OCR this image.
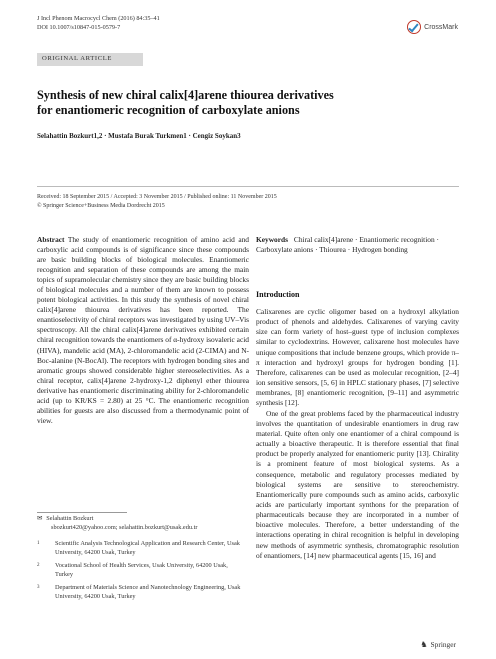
J Incl Phenom Macrocycl Chem (2016) 84:35–41
DOI 10.1007/s10847-015-0579-7	CrossMark
ORIGINAL ARTICLE
Synthesis of new chiral calix[4]arene thiourea derivatives
for enantiomeric recognition of carboxylate anions
Selahattin Bozkurt1,2 · Mustafa Burak Turkmen1 · Cengiz Soykan3
Received: 18 September 2015 / Accepted: 3 November 2015 / Published online: 11 November 2015
© Springer Science+Business Media Dordrecht 2015
Abstract The study of enantiomeric recognition of amino acid and carboxylic acid compounds is of significance since these compounds are basic building blocks of biological molecules. Enantiomeric recognition and separation of these compounds are among the main topics of supramolecular chemistry since they are basic building blocks of biological molecules and a number of them are known to possess potent biological activities. In this study the synthesis of novel chiral calix[4]arene thiourea derivatives has been reported. The enantioselectivity of chiral receptors was investigated by using UV–Vis spectroscopy. All the chiral calix[4]arene derivatives exhibited certain chiral recognition towards the enantiomers of α-hydroxy isovaleric acid (HIVA), mandelic acid (MA), 2-chloromandelic acid (2-CIMA) and N-Boc-alanine (N-BocAl). The receptors with hydrogen bonding sites and aromatic groups showed considerable higher stereoselectivities. As a chiral receptor, calix[4]arene 2-hydroxy-1,2 diphenyl ether thiourea derivative has enantiomeric discriminating ability for 2-chloromandelic acid (up to KR/KS = 2.80) at 25 °C. The enantiomeric recognition abilities for guests are also discussed from a thermodynamic point of view.
Keywords Chiral calix[4]arene · Enantiomeric recognition · Carboxylate anions · Thiourea · Hydrogen bonding
Introduction

Calixarenes are cyclic oligomer based on a hydroxyl alkylation product of phenols and aldehydes. Calixarenes of varying cavity size can form variety of host–guest type of inclusion complexes similar to cyclodextrins. However, calixarene host molecules have unique compositions that include benzene groups, which provide π–π interaction and hydroxyl groups for hydrogen bonding [1]. Therefore, calixarenes can be used as molecular recognition, [2–4] ion sensitive sensors, [5, 6] in HPLC stationary phases, [7] selective membranes, [8] enantiomeric recognition, [9–11] and asymmetric synthesis [12].

One of the great problems faced by the pharmaceutical industry involves the quantitation of undesirable enantiomers in drug raw material. Quite often only one enantiomer of a chiral compound is actually a bioactive therapeutic. It is therefore essential that final product be properly analyzed for enantiomeric purity [13]. Chirality is a prominent feature of most biological systems. As a consequence, metabolic and regulatory processes mediated by biological systems are sensitive to stereochemistry. Enantiomerically pure compounds such as amino acids, carboxylic acids are particularly important synthons for the preparation of pharmaceuticals because they are incorporated in a number of bioactive molecules. Therefore, a better understanding of the interactions operating in chiral recognition is helpful in developing new methods of asymmetric synthesis, chromatographic resolution of enantiomers, [14] new pharmaceutical agents [15, 16] and

✉ Selahattin Bozkurt
sbozkurt420@yahoo.com; selahattin.bozkurt@usak.edu.tr
1	Scientific Analysis Technological Application and Research Center, Usak University, 64200 Usak, Turkey
2	Vocational School of Health Services, Usak University, 64200 Usak, Turkey
3	Department of Materials Science and Nanotechnology Engineering, Usak University, 64200 Usak, Turkey
♞ Springer
